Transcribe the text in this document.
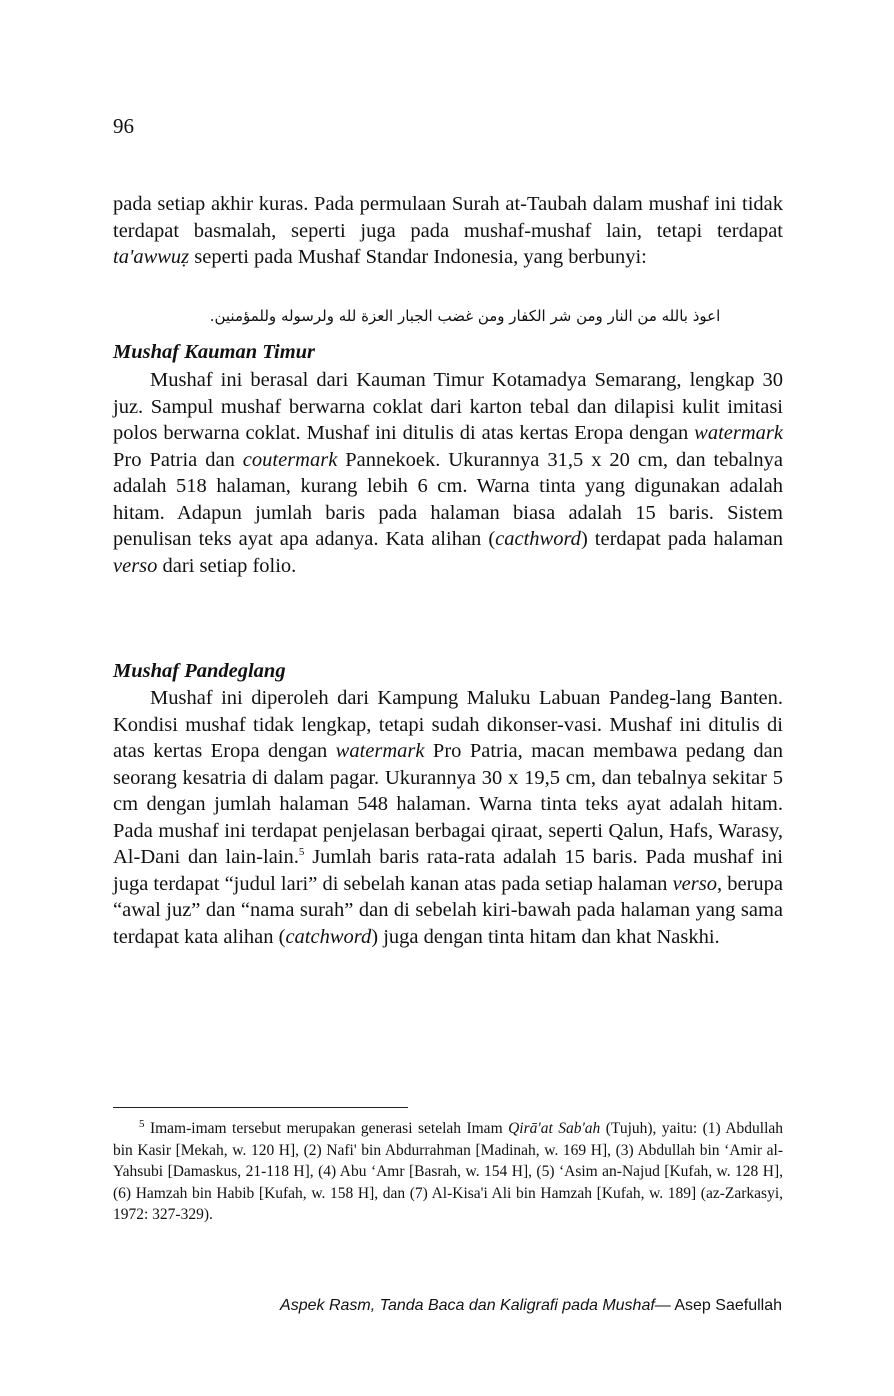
96
pada setiap akhir kuras. Pada permulaan Surah at-Taubah dalam mushaf ini tidak terdapat basmalah, seperti juga pada mushaf-mushaf lain, tetapi terdapat ta'awwuẓ seperti pada Mushaf Standar Indonesia, yang berbunyi:
اعوذ بالله من النار ومن شر الكفار ومن غضب الجبار العزة لله ولرسوله وللمؤمنين.
Mushaf Kauman Timur
Mushaf ini berasal dari Kauman Timur Kotamadya Semarang, lengkap 30 juz. Sampul mushaf berwarna coklat dari karton tebal dan dilapisi kulit imitasi polos berwarna coklat. Mushaf ini ditulis di atas kertas Eropa dengan watermark Pro Patria dan coutermark Pannekoek. Ukurannya 31,5 x 20 cm, dan tebalnya adalah 518 halaman, kurang lebih 6 cm. Warna tinta yang digunakan adalah hitam. Adapun jumlah baris pada halaman biasa adalah 15 baris. Sistem penulisan teks ayat apa adanya. Kata alihan (cacthword) terdapat pada halaman verso dari setiap folio.
Mushaf Pandeglang
Mushaf ini diperoleh dari Kampung Maluku Labuan Pandeg-lang Banten. Kondisi mushaf tidak lengkap, tetapi sudah dikonser-vasi. Mushaf ini ditulis di atas kertas Eropa dengan watermark Pro Patria, macan membawa pedang dan seorang kesatria di dalam pagar. Ukurannya 30 x 19,5 cm, dan tebalnya sekitar 5 cm dengan jumlah halaman 548 halaman. Warna tinta teks ayat adalah hitam. Pada mushaf ini terdapat penjelasan berbagai qiraat, seperti Qalun, Hafs, Warasy, Al-Dani dan lain-lain.$^5$ Jumlah baris rata-rata adalah 15 baris. Pada mushaf ini juga terdapat “judul lari” di sebelah kanan atas pada setiap halaman verso, berupa “awal juz” dan “nama surah” dan di sebelah kiri-bawah pada halaman yang sama terdapat kata alihan (catchword) juga dengan tinta hitam dan khat Naskhi.
$^5$ Imam-imam tersebut merupakan generasi setelah Imam Qirā'at Sab'ah (Tujuh), yaitu: (1) Abdullah bin Kasir [Mekah, w. 120 H], (2) Nafi' bin Abdurrahman [Madinah, w. 169 H], (3) Abdullah bin ‘Amir al-Yahsubi [Damaskus, 21-118 H], (4) Abu ‘Amr [Basrah, w. 154 H], (5) ‘Asim an-Najud [Kufah, w. 128 H], (6) Hamzah bin Habib [Kufah, w. 158 H], dan (7) Al-Kisa'i Ali bin Hamzah [Kufah, w. 189] (az-Zarkasyi, 1972: 327-329).
Aspek Rasm, Tanda Baca dan Kaligrafi pada Mushaf— Asep Saefullah
